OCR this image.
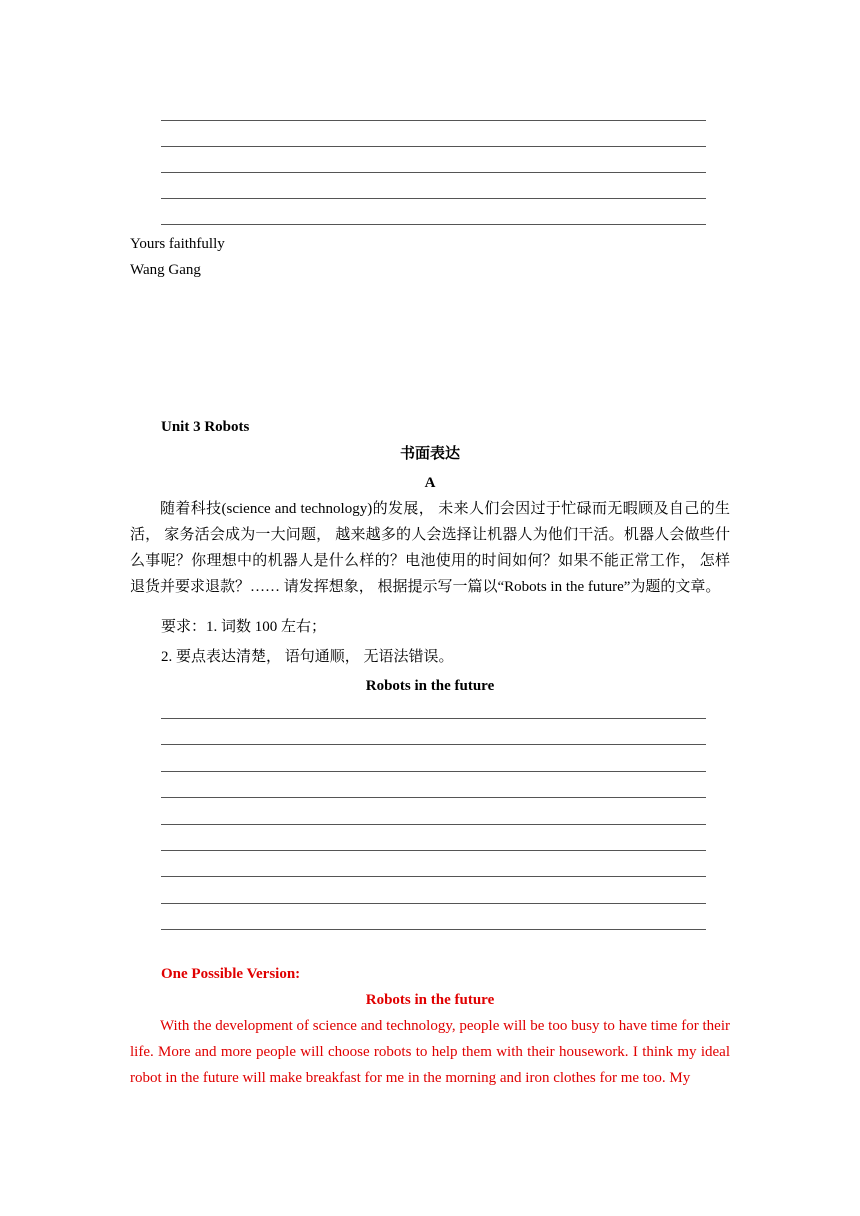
Yours faithfully
Wang Gang
Unit 3 Robots
书面表达
A
随着科技(science and technology)的发展， 未来人们会因过于忙碌而无暇顾及自己的生活， 家务活会成为一大问题， 越来越多的人会选择让机器人为他们干活。机器人会做些什么事呢？你理想中的机器人是什么样的？电池使用的时间如何？如果不能正常工作， 怎样退货并要求退款？…… 请发挥想象， 根据提示写一篇以“Robots in the future”为题的文章。
要求：1. 词数 100 左右；
2. 要点表达清楚， 语句通顺， 无语法错误。
Robots in the future
One Possible Version:
Robots in the future
With the development of science and technology, people will be too busy to have time for their life. More and more people will choose robots to help them with their housework. I think my ideal robot in the future will make breakfast for me in the morning and iron clothes for me too. My
